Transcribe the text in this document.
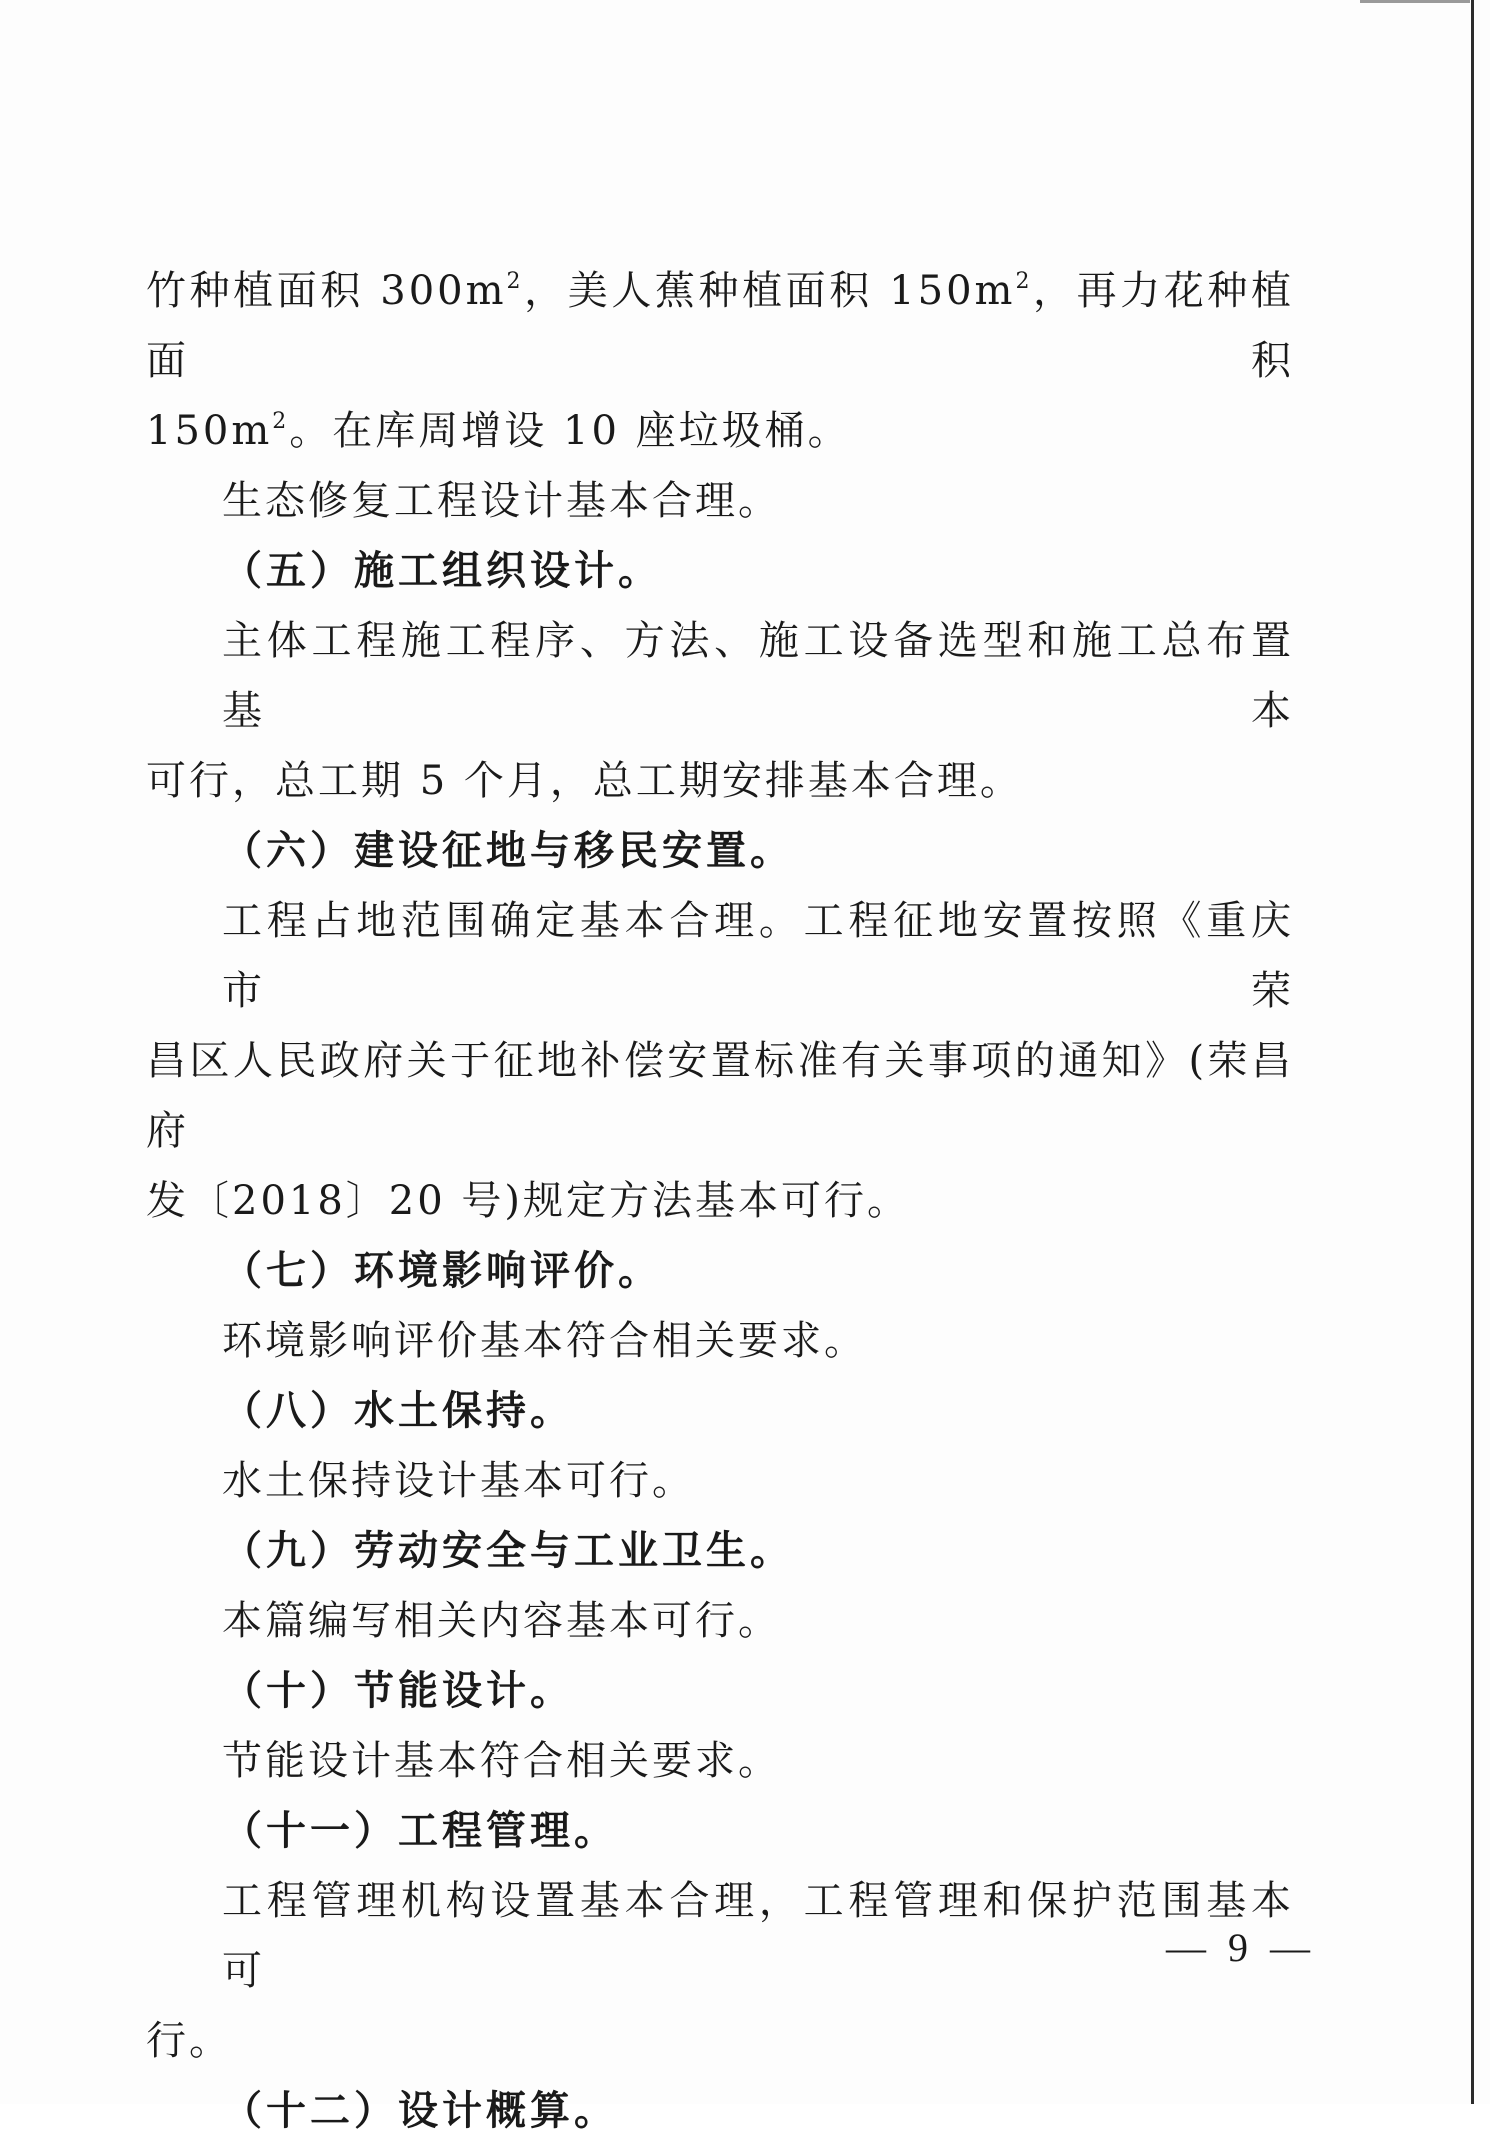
竹种植面积 $300m^2$，美人蕉种植面积 $150m^2$，再力花种植面积

$150m^2$。在库周增设 10 座垃圾桶。

生态修复工程设计基本合理。

（五）施工组织设计。

主体工程施工程序、方法、施工设备选型和施工总布置基本

可行，总工期 5 个月，总工期安排基本合理。

（六）建设征地与移民安置。

工程占地范围确定基本合理。工程征地安置按照《重庆市荣

昌区人民政府关于征地补偿安置标准有关事项的通知》(荣昌府

发〔2018〕20 号)规定方法基本可行。

（七）环境影响评价。

环境影响评价基本符合相关要求。

（八）水土保持。

水土保持设计基本可行。

（九）劳动安全与工业卫生。

本篇编写相关内容基本可行。

（十）节能设计。

节能设计基本符合相关要求。

（十一）工程管理。

工程管理机构设置基本合理，工程管理和保护范围基本可

行。

（十二）设计概算。

— 9 —
